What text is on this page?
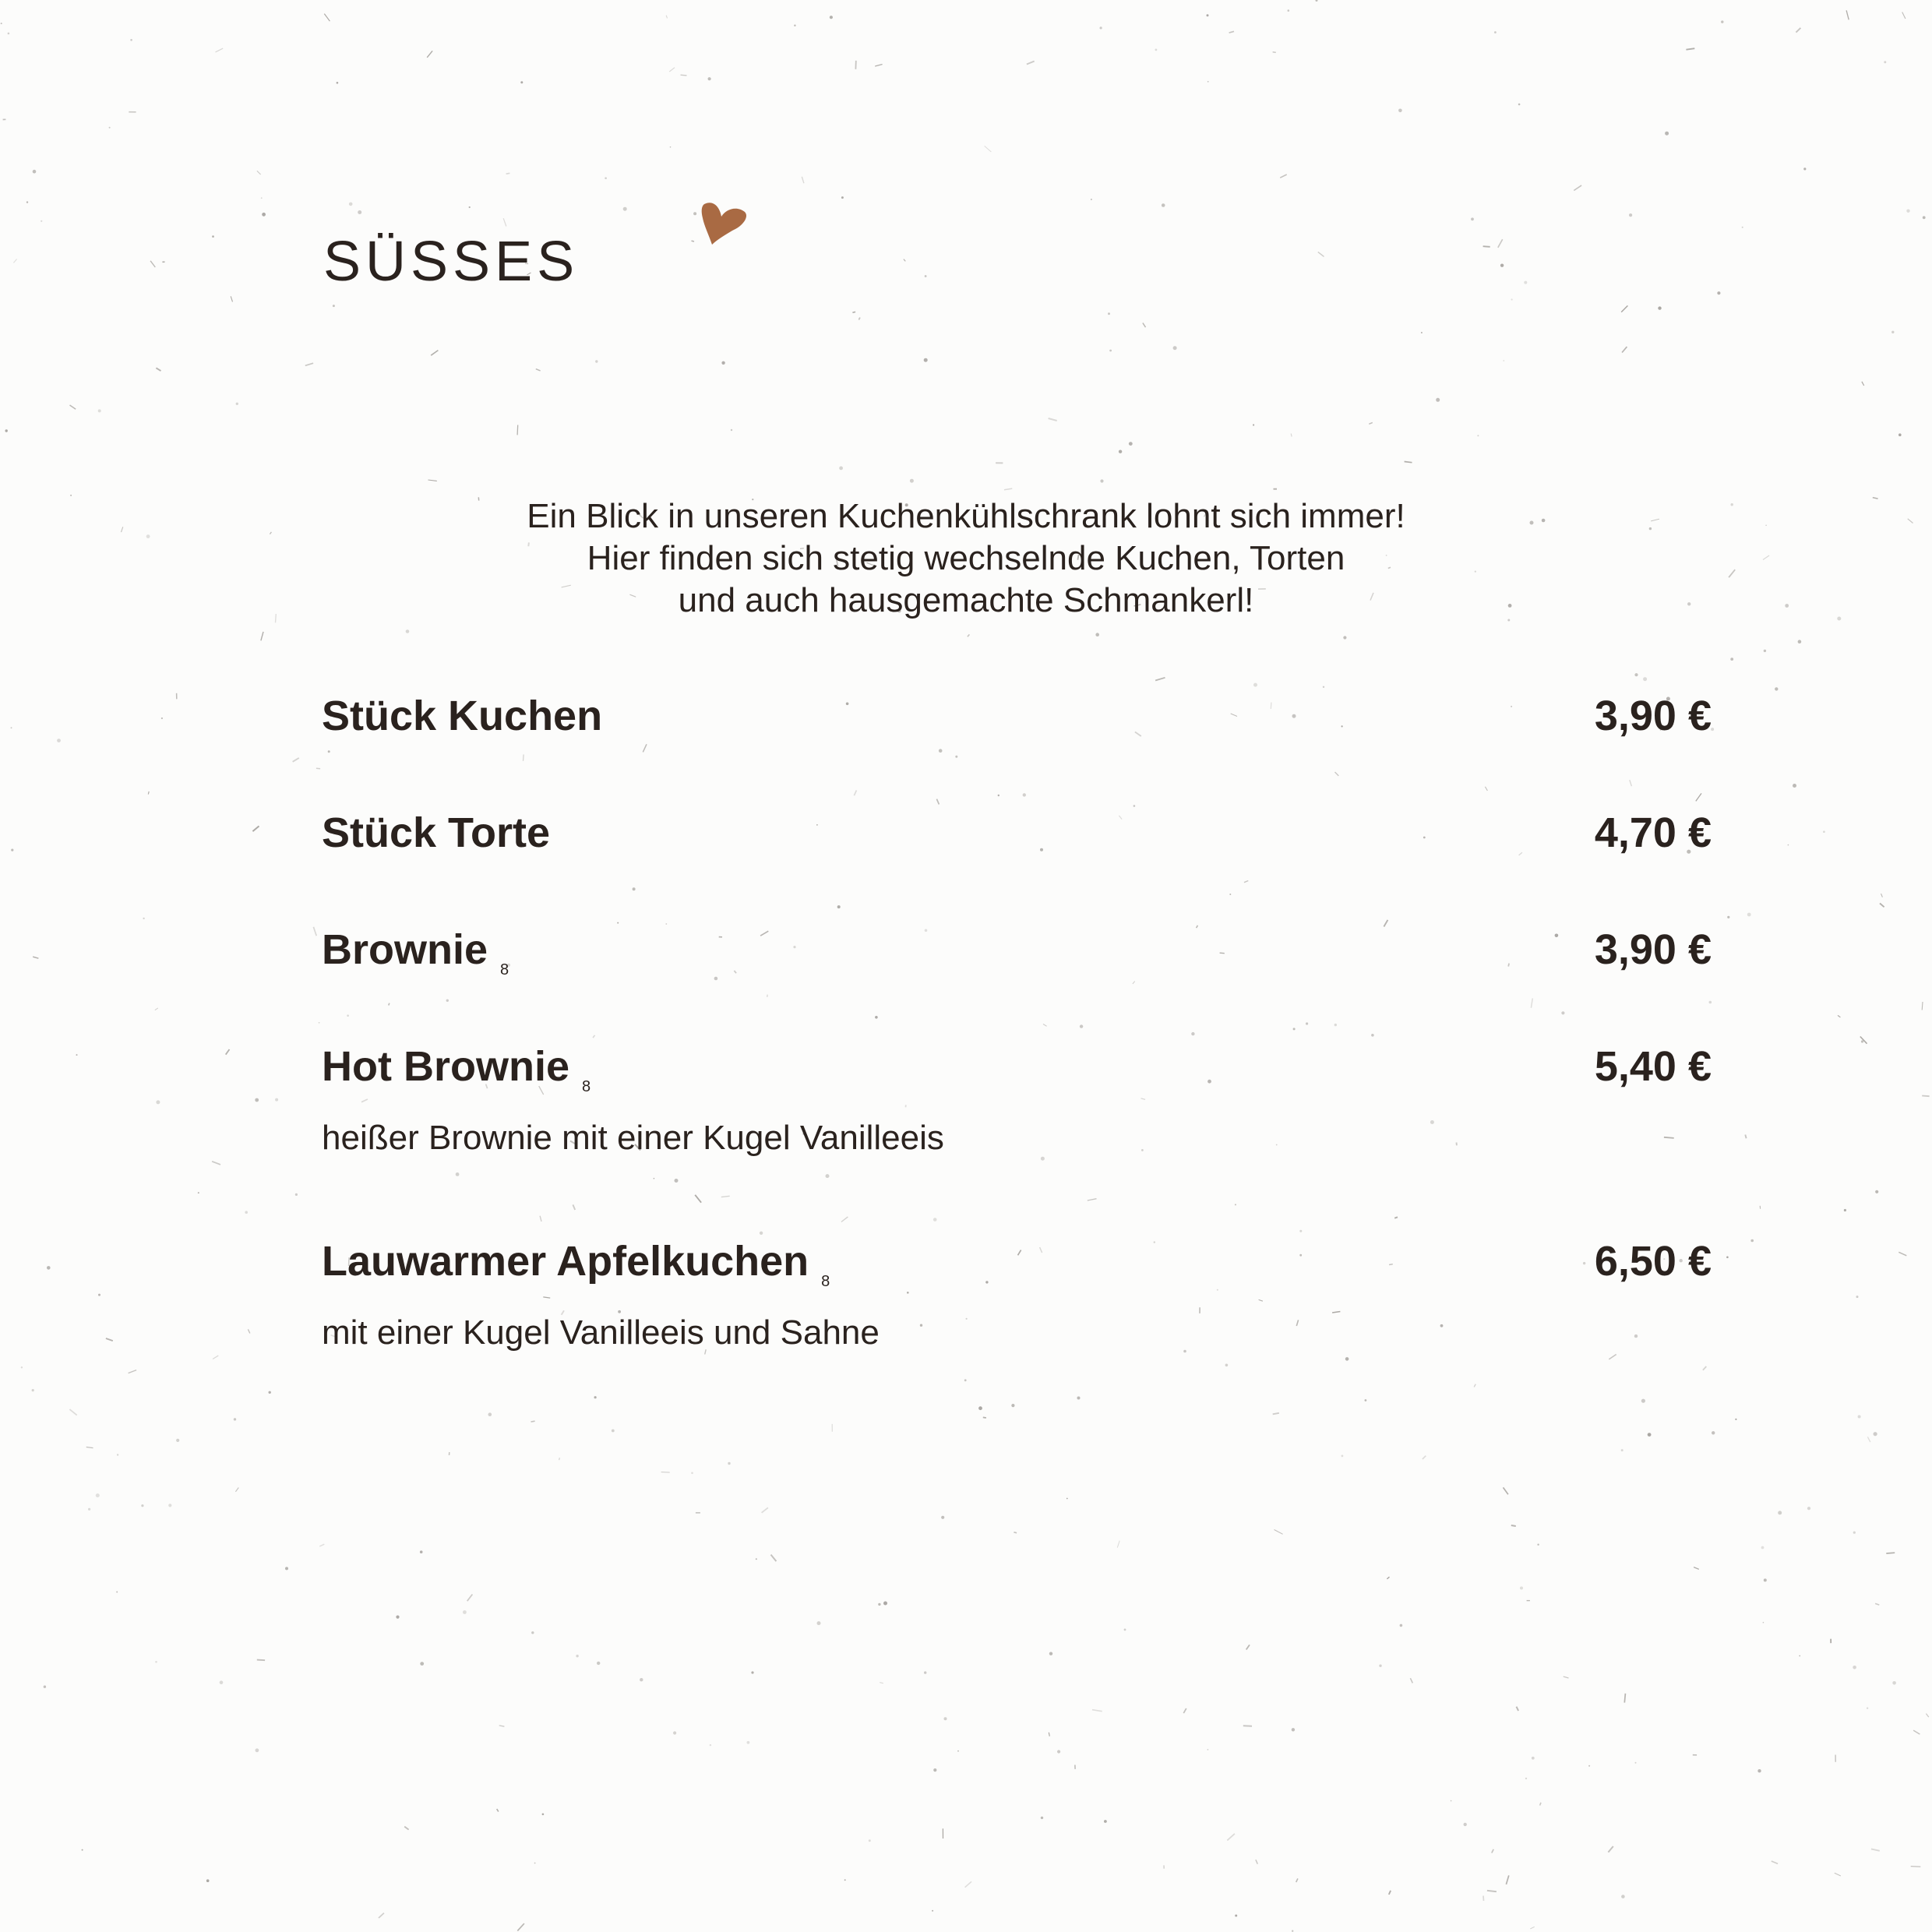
SÜSSES
Ein Blick in unseren Kuchenkühlschrank lohnt sich immer!
Hier finden sich stetig wechselnde Kuchen, Torten
und auch hausgemachte Schmankerl!
Stück Kuchen	3,90 €
Stück Torte	4,70 €
Brownie $_8$	3,90 €
Hot Brownie $_8$	5,40 €
heißer Brownie mit einer Kugel Vanilleeis
Lauwarmer Apfelkuchen $_8$	6,50 €
mit einer Kugel Vanilleeis und Sahne
